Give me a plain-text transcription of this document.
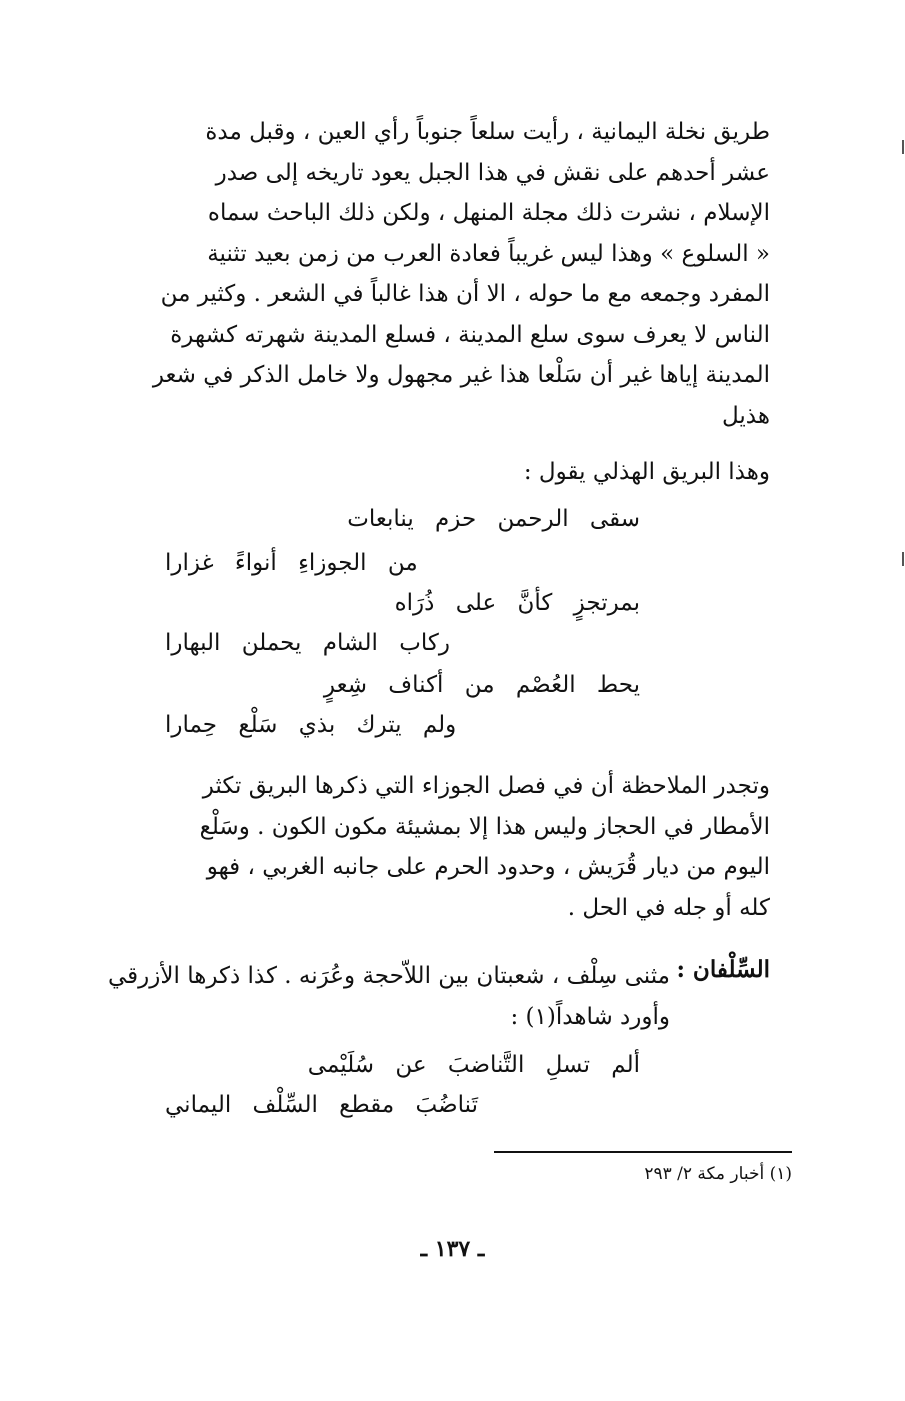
طريق نخلة اليمانية ، رأيت سلعاً جنوباً رأي العين ، وقبل مدة
عشر أحدهم على نقش في هذا الجبل يعود تاريخه إلى صدر
الإسلام ، نشرت ذلك مجلة المنهل ، ولكن ذلك الباحث سماه
« السلوع » وهذا ليس غريباً فعادة العرب من زمن بعيد تثنية
المفرد وجمعه مع ما حوله ، الا أن هذا غالباً في الشعر . وكثير من
الناس لا يعرف سوى سلع المدينة ، فسلع المدينة شهرته كشهرة
المدينة إياها غير أن سَلْعا هذا غير مجهول ولا خامل الذكر في شعر
هذيل
وهذا البريق الهذلي يقول :
سقى الرحمن حزم ينابعات
من الجوزاءِ أنواءً غزارا
بمرتجزٍ كأنَّ على ذُرَاه
ركاب الشام يحملن البهارا
يحط العُصْم من أكناف شِعرٍ
ولم يترك بذي سَلْع حِمارا
وتجدر الملاحظة أن في فصل الجوزاء التي ذكرها البريق تكثر
الأمطار في الحجاز وليس هذا إلا بمشيئة مكون الكون . وسَلْع
اليوم من ديار قُرَيش ، وحدود الحرم على جانبه الغربي ، فهو
كله أو جله في الحل .
السِّلْفان :
مثنى سِلْف ، شعبتان بين اللاّحجة وعُرَنه . كذا ذكرها الأزرقي
وأورد شاهداً(١) :
ألم تسلِ التَّناضبَ عن سُلَيْمى
تَناضُبَ مقطع السِّلْف اليماني
(١) أخبار مكة ٢/ ٢٩٣
ـ ١٣٧ ـ
